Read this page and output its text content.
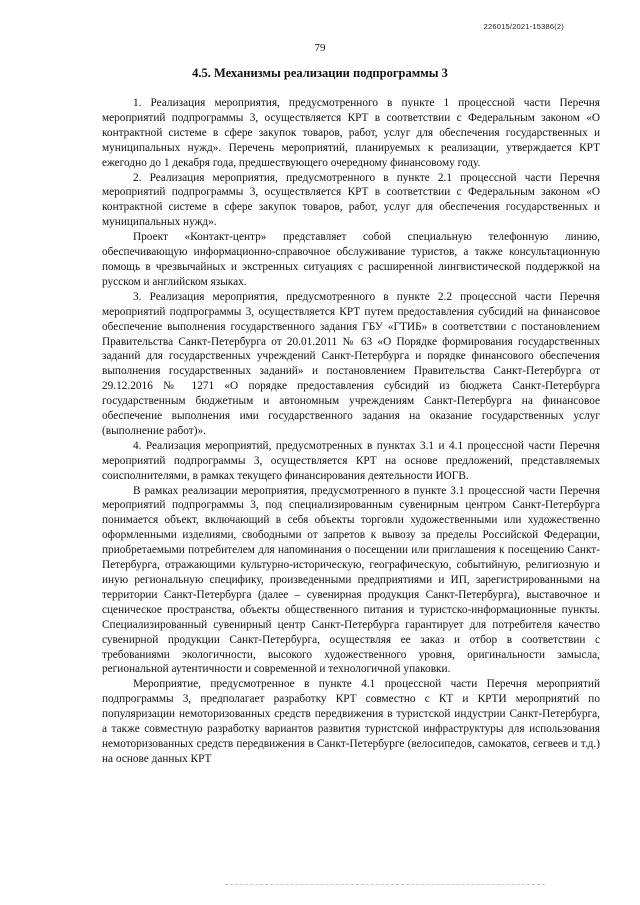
226015/2021-15386(2)
79
4.5. Механизмы реализации подпрограммы 3

1. Реализация мероприятия, предусмотренного в пункте 1 процессной части Перечня мероприятий подпрограммы 3, осуществляется КРТ в соответствии с Федеральным законом «О контрактной системе в сфере закупок товаров, работ, услуг для обеспечения государственных и муниципальных нужд». Перечень мероприятий, планируемых к реализации, утверждается КРТ ежегодно до 1 декабря года, предшествующего очередному финансовому году.

2. Реализация мероприятия, предусмотренного в пункте 2.1 процессной части Перечня мероприятий подпрограммы 3, осуществляется КРТ в соответствии с Федеральным законом «О контрактной системе в сфере закупок товаров, работ, услуг для обеспечения государственных и муниципальных нужд».

Проект «Контакт-центр» представляет собой специальную телефонную линию, обеспечивающую информационно-справочное обслуживание туристов, а также консультационную помощь в чрезвычайных и экстренных ситуациях с расширенной лингвистической поддержкой на русском и английском языках.

3. Реализация мероприятия, предусмотренного в пункте 2.2 процессной части Перечня мероприятий подпрограммы 3, осуществляется КРТ путем предоставления субсидий на финансовое обеспечение выполнения государственного задания ГБУ «ГТИБ» в соответствии с постановлением Правительства Санкт-Петербурга от 20.01.2011 № 63 «О Порядке формирования государственных заданий для государственных учреждений Санкт-Петербурга и порядке финансового обеспечения выполнения государственных заданий» и постановлением Правительства Санкт-Петербурга от 29.12.2016 № 1271 «О порядке предоставления субсидий из бюджета Санкт-Петербурга государственным бюджетным и автономным учреждениям Санкт-Петербурга на финансовое обеспечение выполнения ими государственного задания на оказание государственных услуг (выполнение работ)».

4. Реализация мероприятий, предусмотренных в пунктах 3.1 и 4.1 процессной части Перечня мероприятий подпрограммы 3, осуществляется КРТ на основе предложений, представляемых соисполнителями, в рамках текущего финансирования деятельности ИОГВ.

В рамках реализации мероприятия, предусмотренного в пункте 3.1 процессной части Перечня мероприятий подпрограммы 3, под специализированным сувенирным центром Санкт-Петербурга понимается объект, включающий в себя объекты торговли художественными или художественно оформленными изделиями, свободными от запретов к вывозу за пределы Российской Федерации, приобретаемыми потребителем для напоминания о посещении или приглашения к посещению Санкт-Петербурга, отражающими культурно-историческую, географическую, событийную, религиозную и иную региональную специфику, произведенными предприятиями и ИП, зарегистрированными на территории Санкт-Петербурга (далее – сувенирная продукция Санкт-Петербурга), выставочное и сценическое пространства, объекты общественного питания и туристско-информационные пункты. Специализированный сувенирный центр Санкт-Петербурга гарантирует для потребителя качество сувенирной продукции Санкт-Петербурга, осуществляя ее заказ и отбор в соответствии с требованиями экологичности, высокого художественного уровня, оригинальности замысла, региональной аутентичности и современной и технологичной упаковки.

Мероприятие, предусмотренное в пункте 4.1 процессной части Перечня мероприятий подпрограммы 3, предполагает разработку КРТ совместно с КТ и КРТИ мероприятий по популяризации немоторизованных средств передвижения в туристской индустрии Санкт-Петербурга, а также совместную разработку вариантов развития туристской инфраструктуры для использования немоторизованных средств передвижения в Санкт-Петербурге (велосипедов, самокатов, сегвеев и т.д.) на основе данных КРТ
